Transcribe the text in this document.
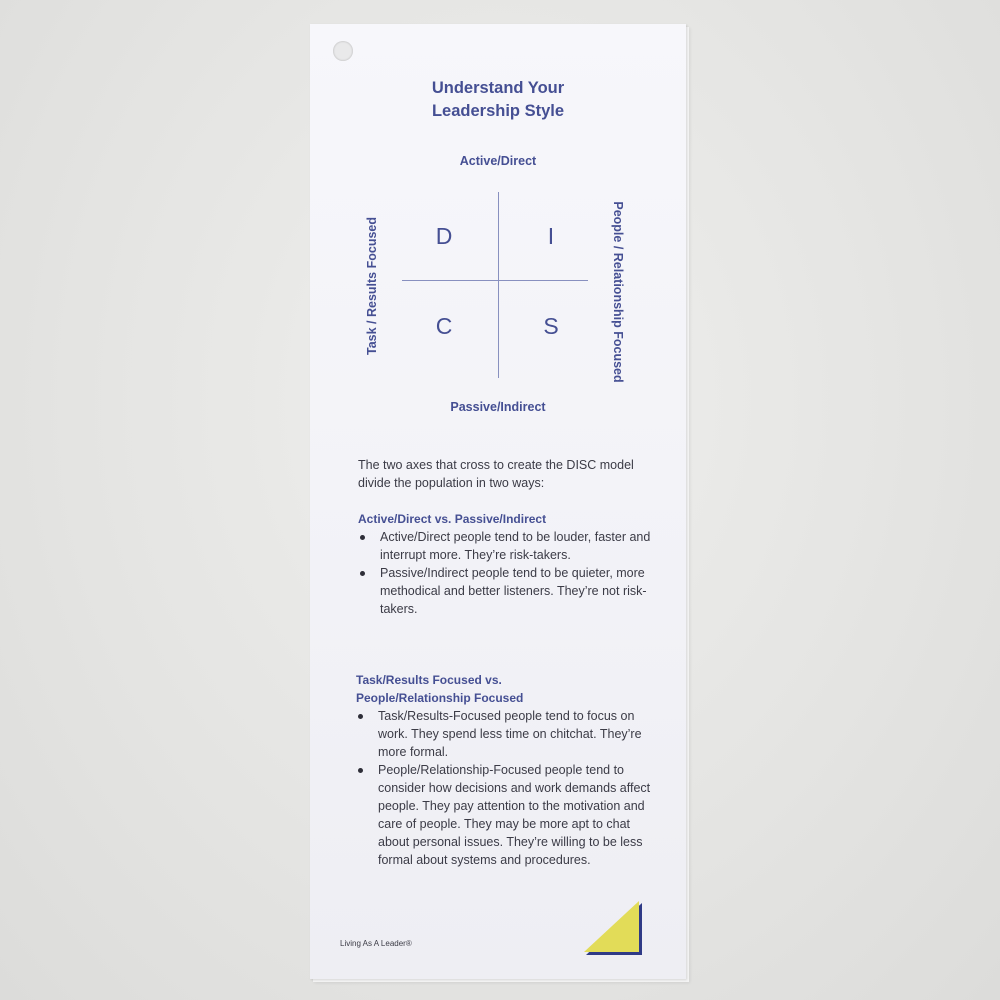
Understand Your
Leadership Style
Active/Direct
Task / Results Focused	People / Relationship Focused
D	I
C	S
Passive/Indirect
The two axes that cross to create the DISC model divide the population in two ways:
Active/Direct vs. Passive/Indirect
Active/Direct people tend to be louder, faster and interrupt more. They’re risk-takers.
Passive/Indirect people tend to be quieter, more methodical and better listeners. They’re not risk-takers.
Task/Results Focused vs.
People/Relationship Focused
Task/Results-Focused people tend to focus on work. They spend less time on chitchat. They’re more formal.
People/Relationship-Focused people tend to consider how decisions and work demands affect people. They pay attention to the motivation and care of people. They may be more apt to chat about personal issues. They’re willing to be less formal about systems and procedures.
Living As A Leader®
